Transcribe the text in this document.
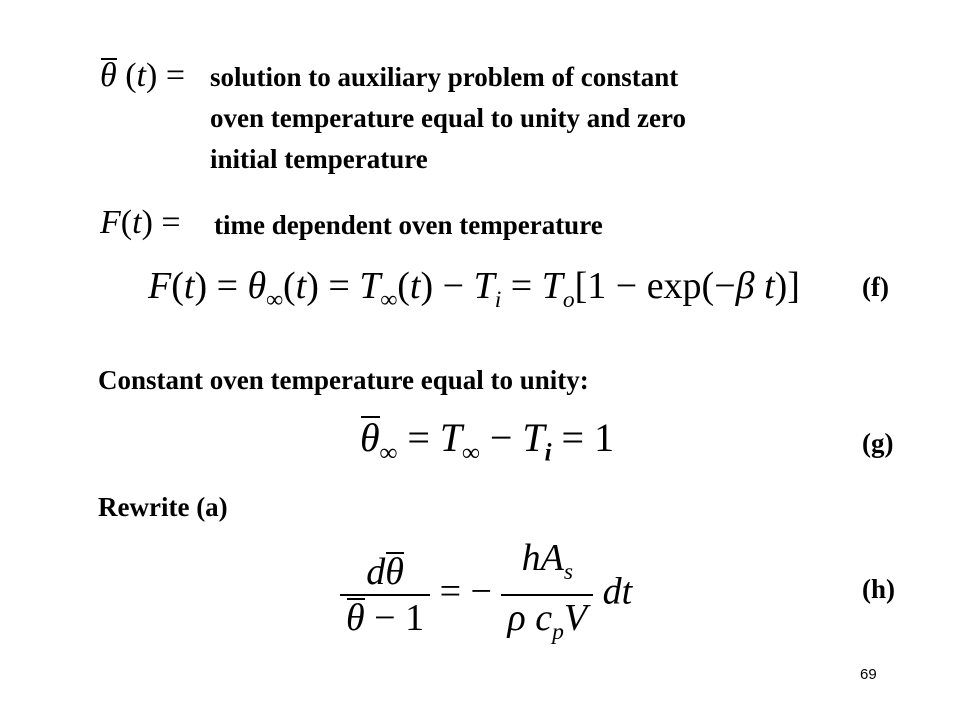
θ (t) = solution to auxiliary problem of constant
oven temperature equal to unity and zero
initial temperature
F(t) = time dependent oven temperature
$F(t) = \theta_\infty(t) = T_\infty(t) - T_i = T_o[1 - \exp(-\beta$ t)] (f)
Constant oven temperature equal to unity:
$\theta_\infty = T_\infty - T_i = 1$	(g)
Rewrite (a)
$\frac{d\theta}{\theta - 1}$ = − $\frac{hA_s}{\rho c_pV}$ dt	(h)
69
